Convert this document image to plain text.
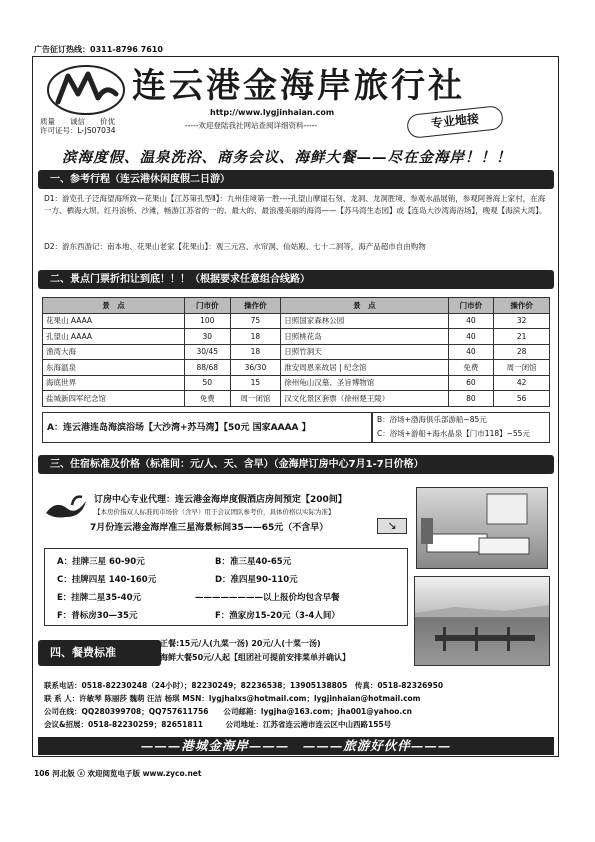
广告征订热线：0311-8796 7610
质量　　诚信　　价优
许可证号：L-JS07034
连云港金海岸旅行社
http://www.lygjinhaian.com
-----欢迎登陆我社网站查阅详细资料-----	专业地接
滨海度假、温泉洗浴、商务会议、海鲜大餐——尽在金海岸！！！
一、参考行程（连云港休闲度假二日游）
D1：游览孔子泛海望海所致—花果山【江苏第孔型Ⅱ】：九州佳境第一胜----孔望山摩崖石刻、龙洞、龙洞胜境、参观水晶展销，参观阿善海上家村，在海一方、栖海大坝、红丹浪桥、沙滩，畅游江苏省的一的、最大的、最浪漫美丽的海湾——【苏马湾生态园】或【连岛大沙湾海浴场】，晚观【海滨大湾】。
D2：游东西游记：南本地、花果山老家【花果山】：观三元宫、水帘洞、仙姑殿、七十二洞等，海产品超市自由购物
二、景点门票折扣让到底！！！（根据要求任意组合线路）
景　点	门市价	操作价	景　点	门市价	操作价
花果山 AAAA	100	75	日照国家森林公园	40	32
孔望山 AAAA	30	18	日照桃花岛	40	21
渔湾大海	30/45	18	日照竹洞天	40	28
东海温泉	88/68	36/30	淮安周恩来故居 | 纪念馆	免费	周一闭馆
海底世界	50	15	徐州龟山汉墓、圣旨博物馆	60	42
盐城新四军纪念馆	免费	周一闭馆	汉文化景区套票（徐州楚王陵）	80	56
A：连云港连岛海滨浴场【大沙湾+苏马湾】【50元 国家AAAA 】
B：浴场+渤海俱乐部游船~85元
C：浴场+游船+海水晶泉【门市118】~55元
三、住宿标准及价格（标准间：元/人、天、含早）（金海岸订房中心7月1-7日价格）
订房中心专业代理：连云港金海岸度假酒店房间预定【200间】
【本房价指双人标准间市场价（含早）用于会议团队参考价，具体价格以实际为准】
7月份连云港金海岸准三星海景标间35——65元（不含早）	↘
A：挂牌三星 60-90元	B：准三星40-65元
C：挂牌四星 140-160元	D：准四星90-110元
E：挂牌二星35-40元	————————以上报价均包含早餐
F：普标房30—35元	F：渔家房15-20元（3-4人间）
四、餐费标准
正餐:15元/人(九菜一汤) 20元/人(十菜一汤)
海鲜大餐50元/人起【组团社可提前安排菜单并确认】
联系电话：0518-82230248（24小时）；82230249；82236538；13905138805　传真：0518-82326950
联 系 人：许敏琴 陈丽莎 魏萌 汪洁 杨琪 MSN：lygjhalxs@hotmail.com；lygjinhaian@hotmail.com
公司在线：QQ280399708；QQ757611756　　公司邮箱：lygjha@163.com；jha001@yahoo.cn
会议&招展：0518-82230259；82651811　　　公司地址：江苏省连云港市连云区中山西路155号
———港城金海岸———　———旅游好伙伴———
106 河北版 ⓩ 欢迎阅览电子版 www.zyco.net
